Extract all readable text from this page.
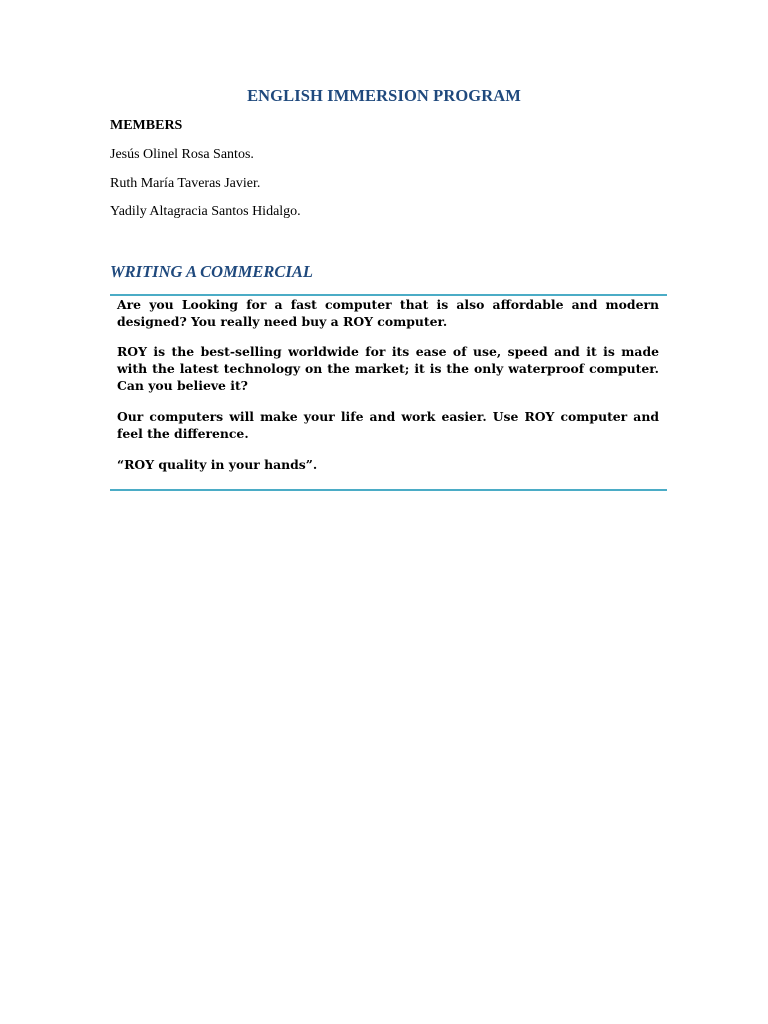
ENGLISH IMMERSION PROGRAM
MEMBERS
Jesús Olinel Rosa Santos.
Ruth María Taveras Javier.
Yadily Altagracia Santos Hidalgo.
WRITING A COMMERCIAL

Are you Looking for a fast computer that is also affordable and modern designed? You really need buy a ROY computer.

ROY is the best-selling worldwide for its ease of use, speed and it is made with the latest technology on the market; it is the only waterproof computer. Can you believe it?

Our computers will make your life and work easier. Use ROY computer and feel the difference.

“ROY quality in your hands”.
